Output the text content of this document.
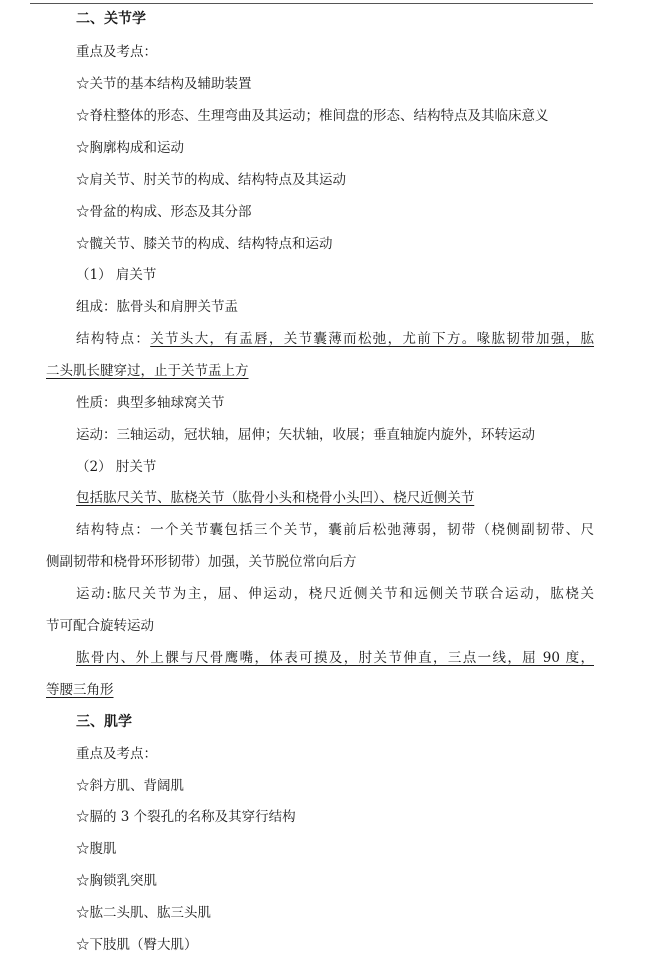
二、关节学
重点及考点：
☆关节的基本结构及辅助装置
☆脊柱整体的形态、生理弯曲及其运动；椎间盘的形态、结构特点及其临床意义
☆胸廓构成和运动
☆肩关节、肘关节的构成、结构特点及其运动
☆骨盆的构成、形态及其分部
☆髋关节、膝关节的构成、结构特点和运动
（1） 肩关节
组成：肱骨头和肩胛关节盂
结构特点：关节头大，有盂唇，关节囊薄而松弛，尤前下方。喙肱韧带加强，肱
二头肌长腱穿过，止于关节盂上方
性质：典型多轴球窝关节
运动：三轴运动，冠状轴，屈伸；矢状轴，收展；垂直轴旋内旋外，环转运动
（2） 肘关节
包括肱尺关节、肱桡关节（肱骨小头和桡骨小头凹）、桡尺近侧关节
结构特点：一个关节囊包括三个关节，囊前后松弛薄弱，韧带（桡侧副韧带、尺
侧副韧带和桡骨环形韧带）加强，关节脱位常向后方
运动:肱尺关节为主，屈、伸运动，桡尺近侧关节和远侧关节联合运动，肱桡关
节可配合旋转运动
肱骨内、外上髁与尺骨鹰嘴，体表可摸及，肘关节伸直，三点一线，屈 90 度，
等腰三角形
三、肌学
重点及考点：
☆斜方肌、背阔肌
☆膈的 3 个裂孔的名称及其穿行结构
☆腹肌
☆胸锁乳突肌
☆肱二头肌、肱三头肌
☆下肢肌（臀大肌）
